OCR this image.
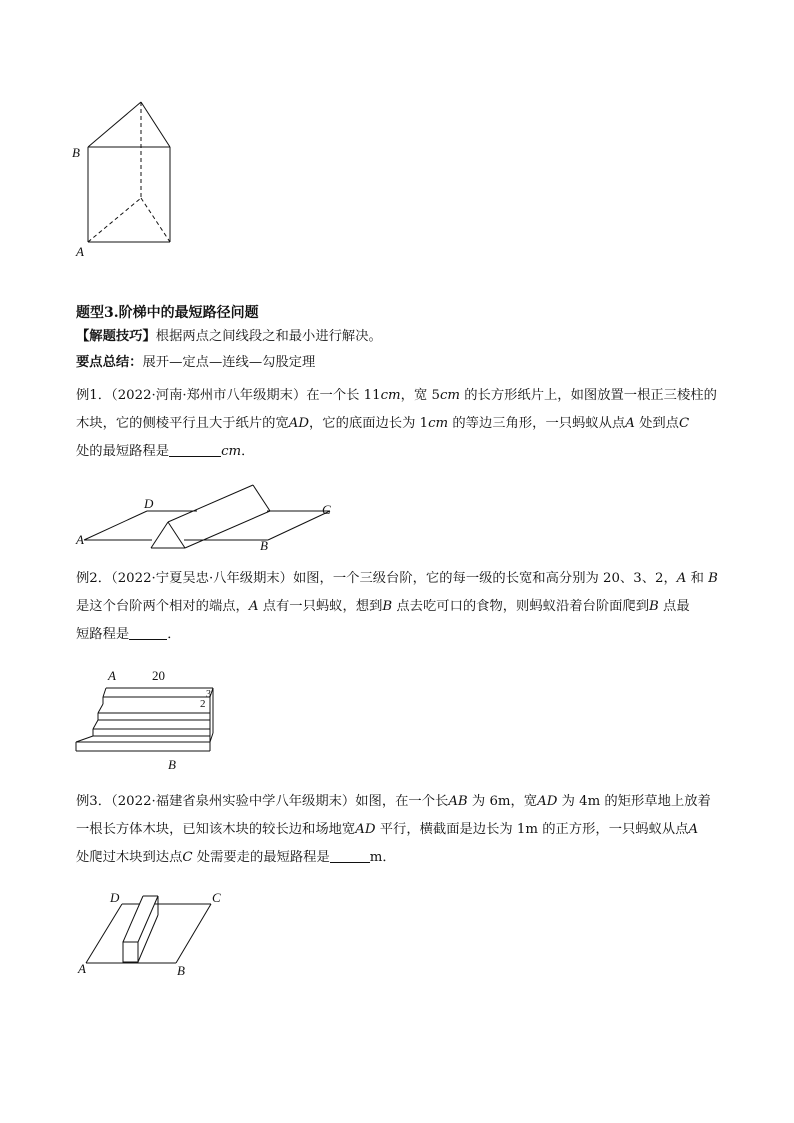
B
A
题型3.阶梯中的最短路径问题
【解题技巧】根据两点之间线段之和最小进行解决。
要点总结：展开—定点—连线—勾股定理
例1．（2022·河南·郑州市八年级期末）在一个长 11cm，宽 5cm 的长方形纸片上，如图放置一根正三棱柱的
木块，它的侧棱平行且大于纸片的宽AD，它的底面边长为 1cm 的等边三角形，一只蚂蚁从点A 处到点C
处的最短路程是	cm．
D	C
A	B
例2．（2022·宁夏吴忠·八年级期末）如图，一个三级台阶，它的每一级的长宽和高分别为 20、3、2，A 和 B
是这个台阶两个相对的端点，A 点有一只蚂蚁，想到B 点去吃可口的食物，则蚂蚁沿着台阶面爬到B 点最
短路程是	．
A	20
3
2
B
例3．（2022·福建省泉州实验中学八年级期末）如图，在一个长AB 为 6m，宽AD 为 4m 的矩形草地上放着
一根长方体木块，已知该木块的较长边和场地宽AD 平行，横截面是边长为 1m 的正方形，一只蚂蚁从点A
处爬过木块到达点C 处需要走的最短路程是	m．
D	C
A	B
